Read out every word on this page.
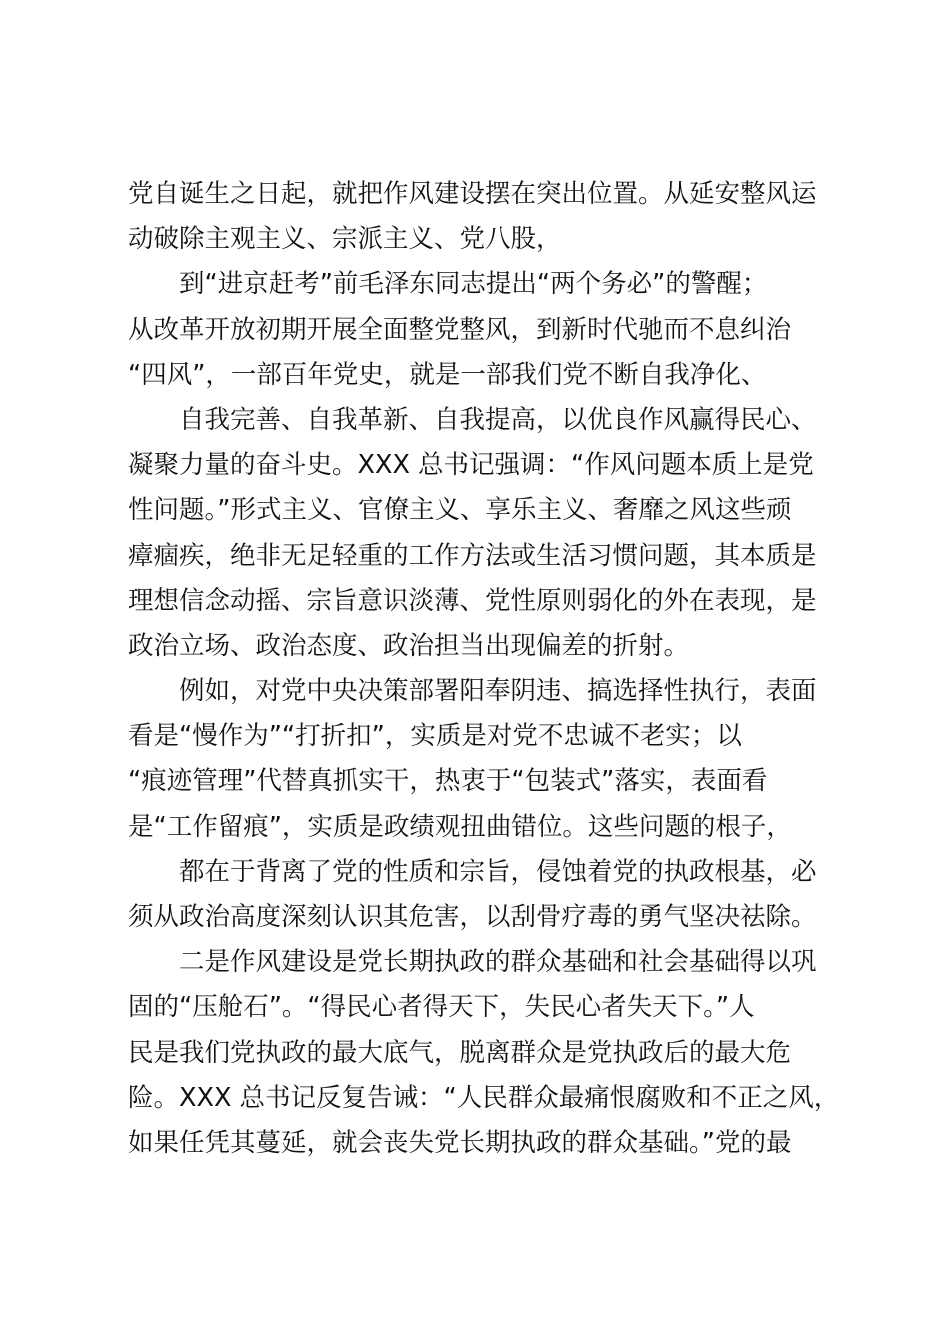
党自诞生之日起，就把作风建设摆在突出位置。从延安整风运
动破除主观主义、宗派主义、党八股，
到“进京赶考”前毛泽东同志提出“两个务必”的警醒；
从改革开放初期开展全面整党整风，到新时代驰而不息纠治
“四风”，一部百年党史，就是一部我们党不断自我净化、
自我完善、自我革新、自我提高，以优良作风赢得民心、
凝聚力量的奋斗史。XXX 总书记强调：“作风问题本质上是党
性问题。”形式主义、官僚主义、享乐主义、奢靡之风这些顽
瘴痼疾，绝非无足轻重的工作方法或生活习惯问题，其本质是
理想信念动摇、宗旨意识淡薄、党性原则弱化的外在表现，是
政治立场、政治态度、政治担当出现偏差的折射。
例如，对党中央决策部署阳奉阴违、搞选择性执行，表面
看是“慢作为”“打折扣”，实质是对党不忠诚不老实；以
“痕迹管理”代替真抓实干，热衷于“包装式”落实，表面看
是“工作留痕”，实质是政绩观扭曲错位。这些问题的根子，
都在于背离了党的性质和宗旨，侵蚀着党的执政根基，必
须从政治高度深刻认识其危害，以刮骨疗毒的勇气坚决祛除。
二是作风建设是党长期执政的群众基础和社会基础得以巩
固的“压舱石”。“得民心者得天下，失民心者失天下。”人
民是我们党执政的最大底气，脱离群众是党执政后的最大危
险。XXX 总书记反复告诫：“人民群众最痛恨腐败和不正之风，
如果任凭其蔓延，就会丧失党长期执政的群众基础。”党的最
